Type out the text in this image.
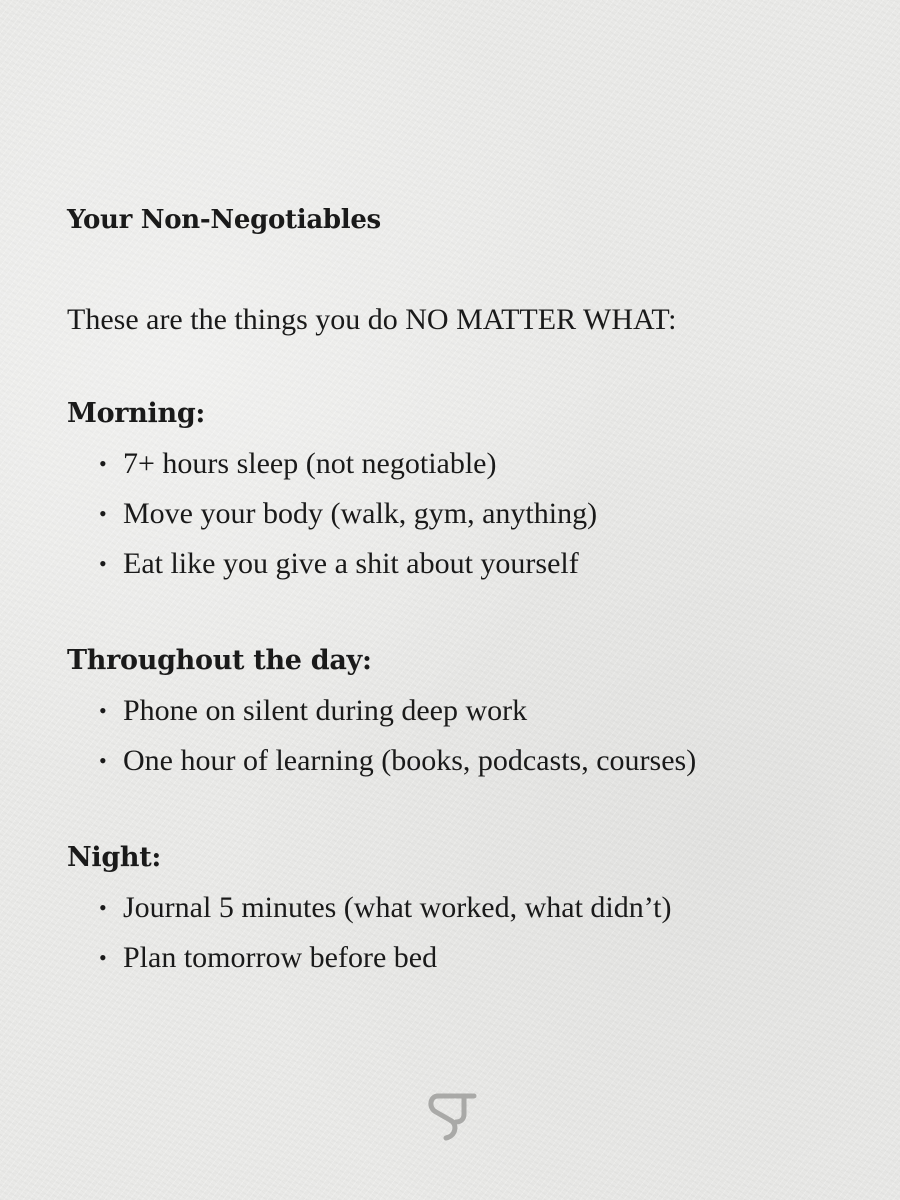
Your Non-Negotiables

These are the things you do NO MATTER WHAT:

Morning:
• 7+ hours sleep (not negotiable)
• Move your body (walk, gym, anything)
• Eat like you give a shit about yourself
Throughout the day:
• Phone on silent during deep work
• One hour of learning (books, podcasts, courses)
Night:
• Journal 5 minutes (what worked, what didn’t)
• Plan tomorrow before bed
